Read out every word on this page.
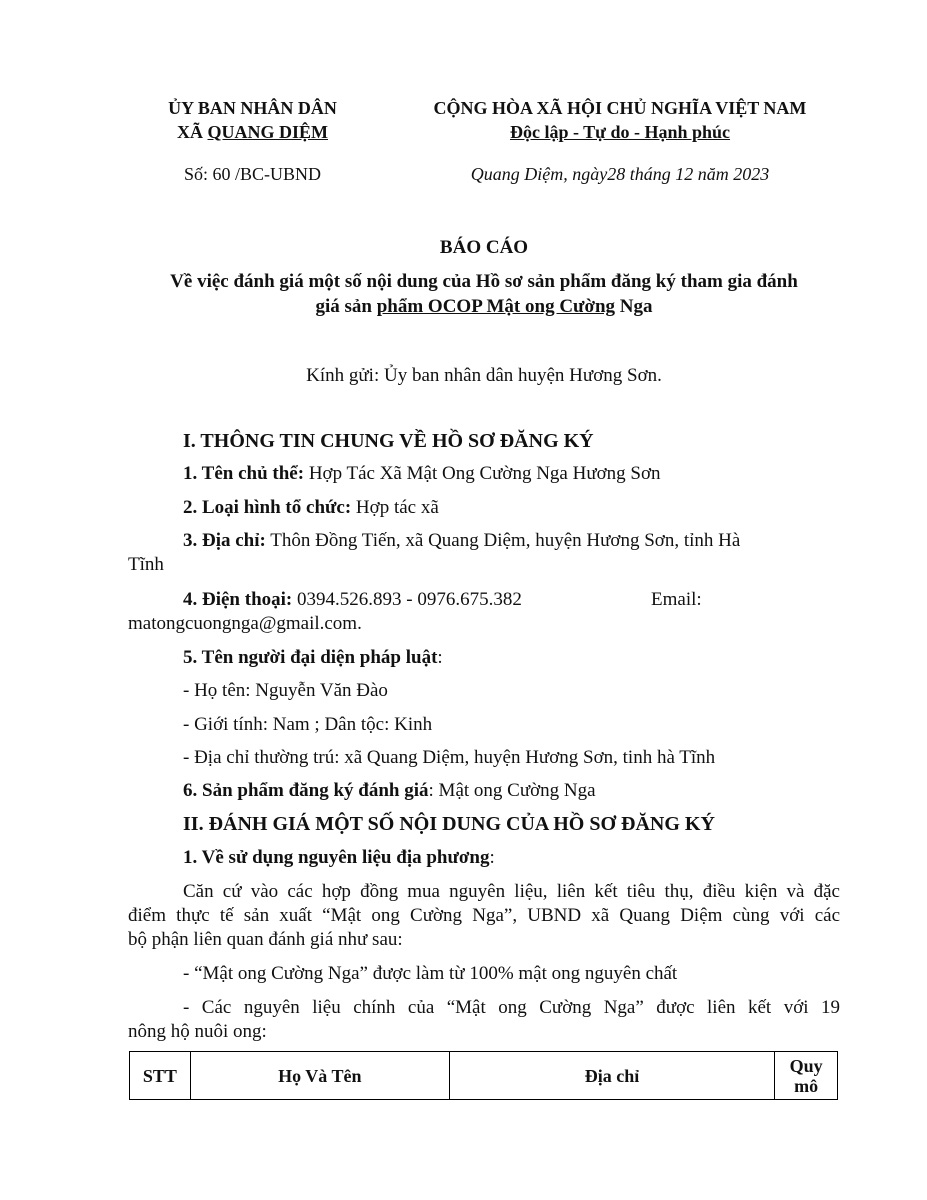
ỦY BAN NHÂN DÂN
XÃ QUANG DIỆM
CỘNG HÒA XÃ HỘI CHỦ NGHĨA VIỆT NAM
Độc lập - Tự do - Hạnh phúc
Số: 60 /BC-UBND	Quang Diệm, ngày28 tháng 12 năm 2023
BÁO CÁO
Về việc đánh giá một số nội dung của Hồ sơ sản phẩm đăng ký tham gia đánh
giá sản phẩm OCOP Mật ong Cường Nga
Kính gửi: Ủy ban nhân dân huyện Hương Sơn.
I. THÔNG TIN CHUNG VỀ HỒ SƠ ĐĂNG KÝ
1. Tên chủ thể: Hợp Tác Xã Mật Ong Cường Nga Hương Sơn
2. Loại hình tổ chức: Hợp tác xã
3. Địa chỉ: Thôn Đồng Tiến, xã Quang Diệm, huyện Hương Sơn, tỉnh Hà
Tĩnh
4. Điện thoại: 0394.526.893 - 0976.675.382	Email:
matongcuongnga@gmail.com.
5. Tên người đại diện pháp luật:
- Họ tên: Nguyễn Văn Đào
- Giới tính: Nam ; Dân tộc: Kinh
- Địa chỉ thường trú: xã Quang Diệm, huyện Hương Sơn, tinh hà Tĩnh
6. Sản phẩm đăng ký đánh giá: Mật ong Cường Nga
II. ĐÁNH GIÁ MỘT SỐ NỘI DUNG CỦA HỒ SƠ ĐĂNG KÝ
1. Về sử dụng nguyên liệu địa phương:
Căn cứ vào các hợp đồng mua nguyên liệu, liên kết tiêu thụ, điều kiện và đặc
điểm thực tế sản xuất “Mật ong Cường Nga”, UBND xã Quang Diệm cùng với các
bộ phận liên quan đánh giá như sau:
- “Mật ong Cường Nga” được làm từ 100% mật ong nguyên chất
- Các nguyên liệu chính của “Mật ong Cường Nga” được liên kết với 19
nông hộ nuôi ong:
STT	Họ Và Tên	Địa chỉ	Quy
mô
